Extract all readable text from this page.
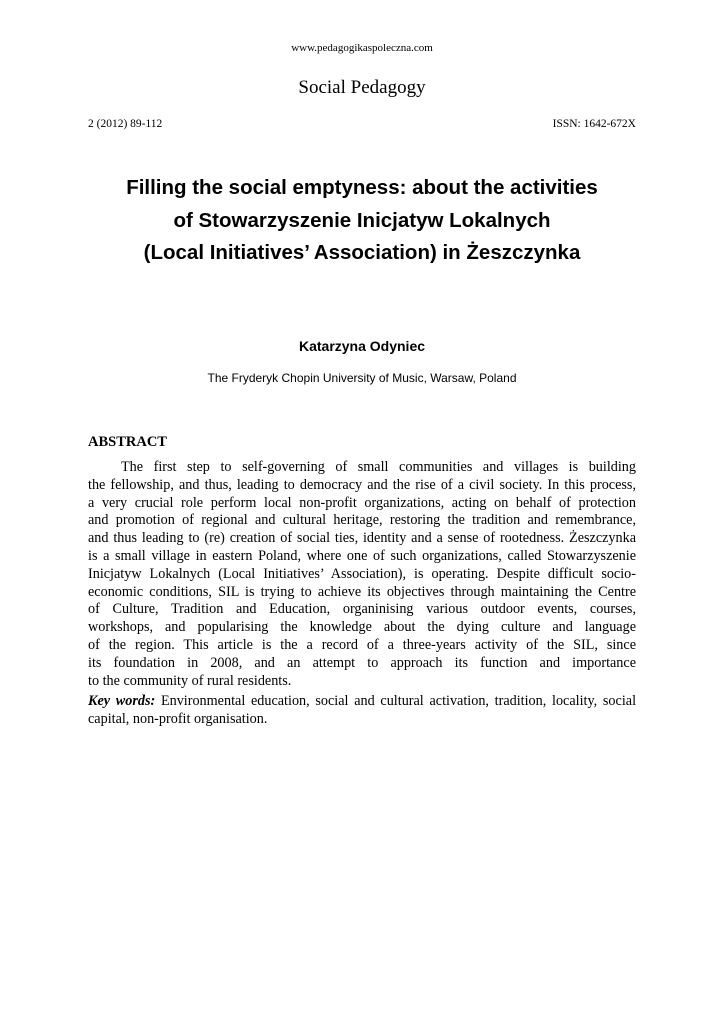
www.pedagogikaspoleczna.com
Social Pedagogy
2 (2012) 89-112	ISSN: 1642-672X
Filling the social emptyness: about the activities
of Stowarzyszenie Inicjatyw Lokalnych
(Local Initiatives’ Association) in Żeszczynka
Katarzyna Odyniec
The Fryderyk Chopin University of Music, Warsaw, Poland
ABSTRACT
The first step to self-governing of small communities and villages is building
the fellowship, and thus, leading to democracy and the rise of a civil society. In this process,
a very crucial role perform local non-profit organizations, acting on behalf of protection
and promotion of regional and cultural heritage, restoring the tradition and remembrance,
and thus leading to (re) creation of social ties, identity and a sense of rootedness. Żeszczynka
is a small village in eastern Poland, where one of such organizations, called Stowarzyszenie
Inicjatyw Lokalnych (Local Initiatives’ Association), is operating. Despite difficult socio-
economic conditions, SIL is trying to achieve its objectives through maintaining the Centre
of Culture, Tradition and Education, organinising various outdoor events, courses,
workshops, and popularising the knowledge about the dying culture and language
of the region. This article is the a record of a three-years activity of the SIL, since
its foundation in 2008, and an attempt to approach its function and importance
to the community of rural residents.
Key words: Environmental education, social and cultural activation, tradition, locality, social
capital, non-profit organisation.
